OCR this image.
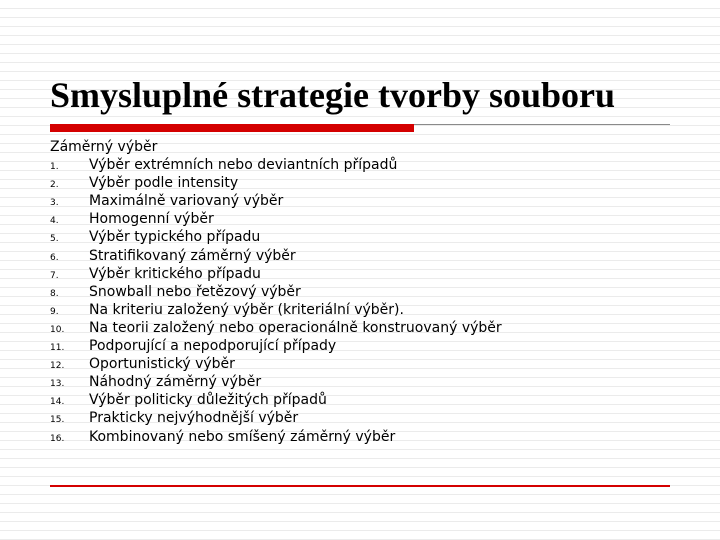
Smysluplné strategie tvorby souboru
Záměrný výběr
1.	Výběr extrémních nebo deviantních případů
2.	Výběr podle intensity
3.	Maximálně variovaný výběr
4.	Homogenní výběr
5.	Výběr typického případu
6.	Stratifikovaný záměrný výběr
7.	Výběr kritického případu
8.	Snowball nebo řetězový výběr
9.	Na kriteriu založený výběr (kriteriální výběr).
10.	Na teorii založený nebo operacionálně konstruovaný výběr
11.	Podporující a nepodporující případy
12.	Oportunistický výběr
13.	Náhodný záměrný výběr
14.	Výběr politicky důležitých případů
15.	Prakticky nejvýhodnější výběr
16.	Kombinovaný nebo smíšený záměrný výběr
